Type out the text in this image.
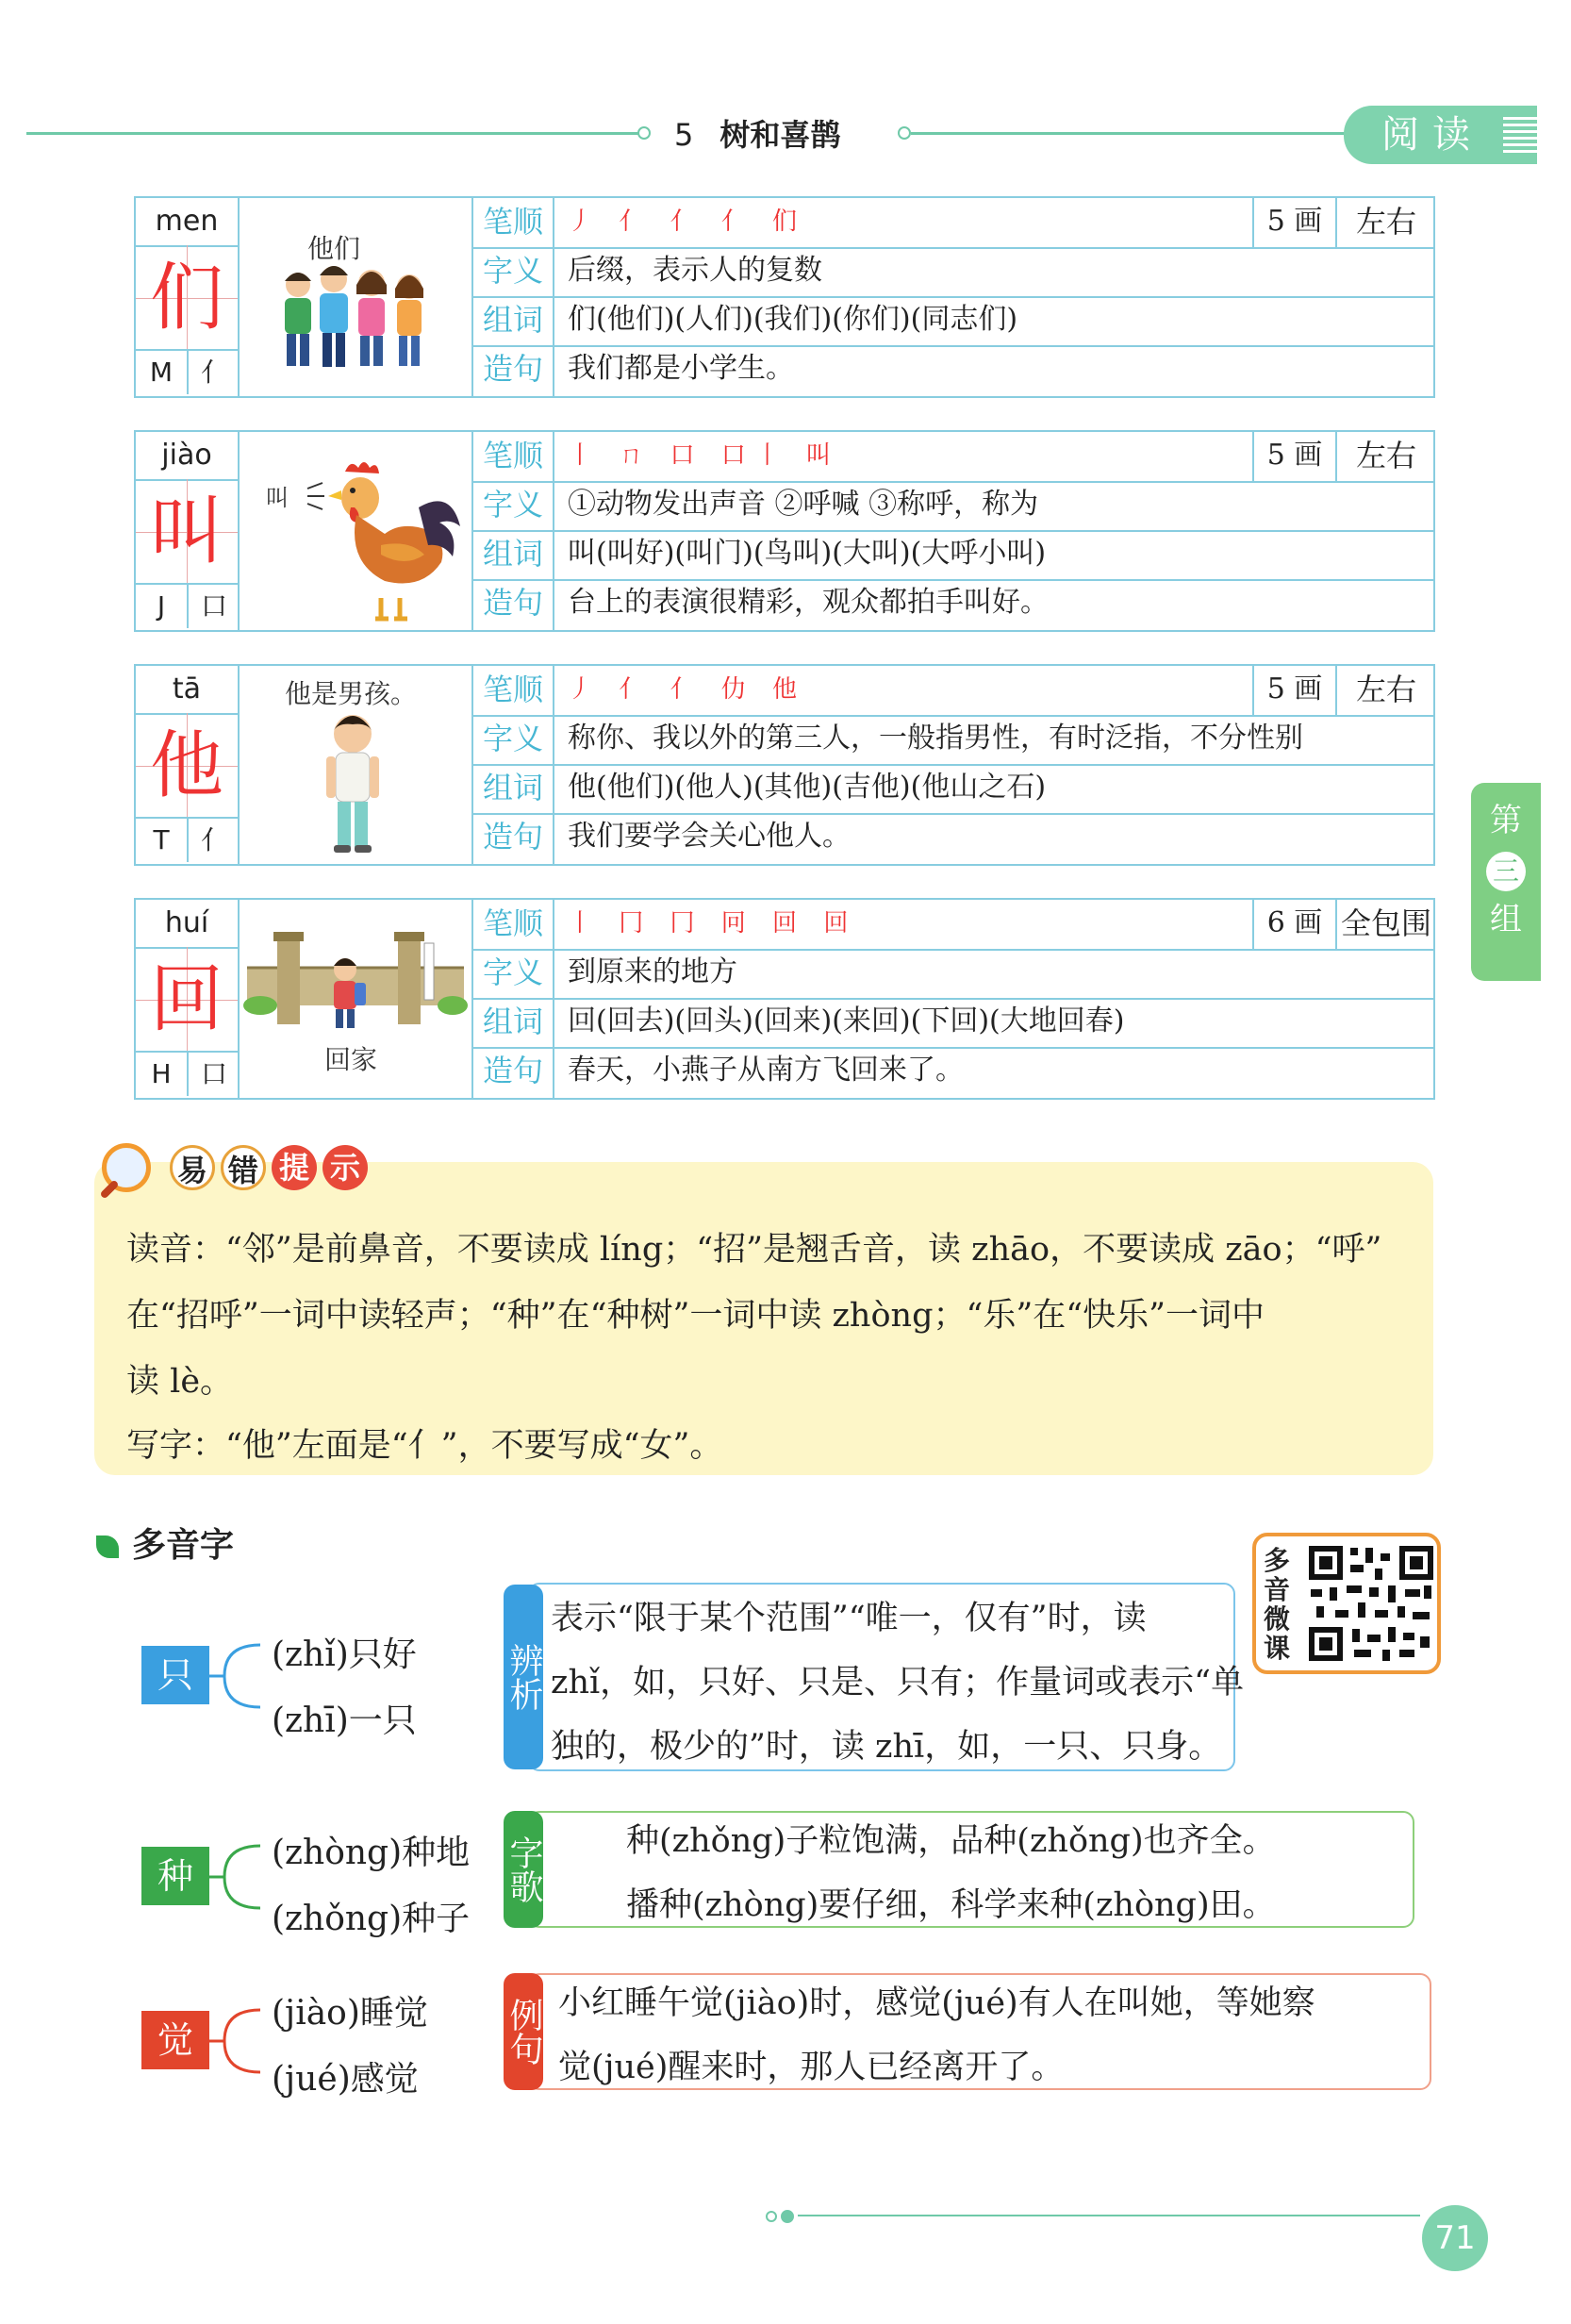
5 树和喜鹊	阅读
第
三
组
men
们
M	亻
他们
笔顺	丿 亻 亻 亻 们	5 画	左右
字义 后缀，表示人的复数
组词 们(他们)(人们)(我们)(你们)(同志们)
造句 我们都是小学生。
jiào
叫
J	口
叫
笔顺	丨 ㄇ 口 口丨 叫	5 画	左右
字义 ①动物发出声音 ②呼喊 ③称呼，称为
组词 叫(叫好)(叫门)(鸟叫)(大叫)(大呼小叫)
造句 台上的表演很精彩，观众都拍手叫好。
tā
他
T	亻
他是男孩。	笔顺	丿 亻 亻 仂 他	5 画	左右
字义 称你、我以外的第三人，一般指男性，有时泛指，不分性别
组词 他(他们)(他人)(其他)(吉他)(他山之石)
造句 我们要学会关心他人。
huí
回
H	口	回家
笔顺	丨 冂 冂 冋 回 回	6 画 全包围
字义 到原来的地方
组词 回(回去)(回头)(回来)(来回)(下回)(大地回春)
造句 春天，小燕子从南方飞回来了。
易 错 提 示
读音：“邻”是前鼻音，不要读成 líng；“招”是翘舌音，读 zhāo，不要读成 zāo；“呼”
在“招呼”一词中读轻声；“种”在“种树”一词中读 zhòng；“乐”在“快乐”一词中
读 lè。
写字：“他”左面是“亻”，不要写成“女”。
多音字	多音微课
只	(zhǐ)只好
(zhī)一只
辨析
表示“限于某个范围”“唯一，仅有”时，读
zhǐ，如，只好、只是、只有；作量词或表示“单
独的，极少的”时，读 zhī，如，一只、只身。
种
(zhòng)种地
(zhǒng)种子
字歌	种(zhǒng)子粒饱满，品种(zhǒng)也齐全。
播种(zhòng)要仔细，科学来种(zhòng)田。
觉
(jiào)睡觉
(jué)感觉
例句 小红睡午觉(jiào)时，感觉(jué)有人在叫她，等她察
觉(jué)醒来时，那人已经离开了。
71
